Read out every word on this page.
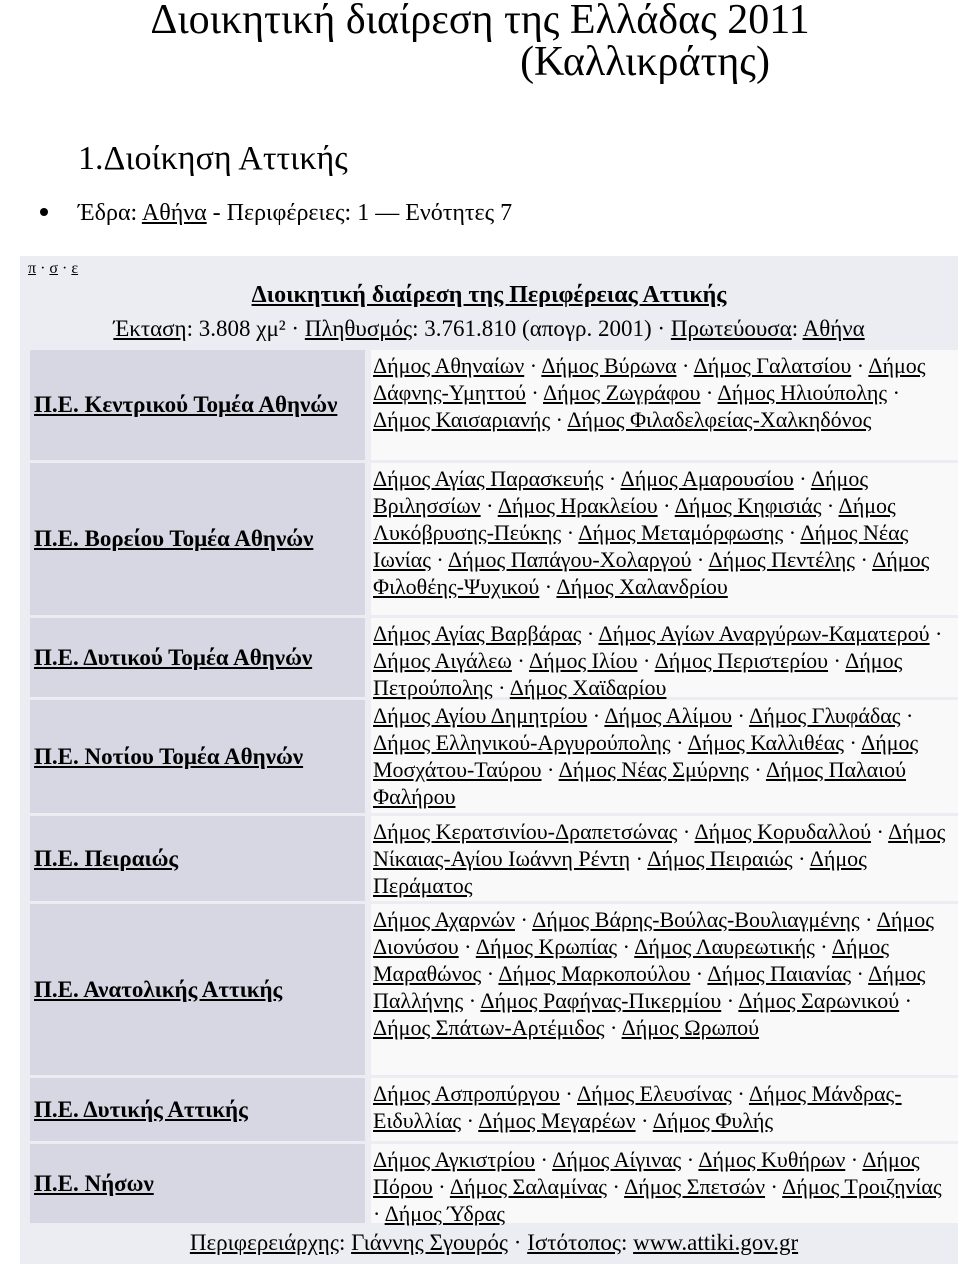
Διοικητική διαίρεση της Ελλάδας 2011
(Καλλικράτης)
1.Διοίκηση Αττικής
Έδρα: Αθήνα - Περιφέρειες: 1 — Ενότητες 7
π · σ · ε
Διοικητική διαίρεση της Περιφέρειας Αττικής
Έκταση: 3.808 χμ² · Πληθυσμός: 3.761.810 (απογρ. 2001) · Πρωτεύουσα: Αθήνα
Π.Ε. Κεντρικού Τομέα Αθηνών
Δήμος Αθηναίων · Δήμος Βύρωνα · Δήμος Γαλατσίου · Δήμος Δάφνης-Υμηττού · Δήμος Ζωγράφου · Δήμος Ηλιούπολης · Δήμος Καισαριανής · Δήμος Φιλαδελφείας-Χαλκηδόνος
Π.Ε. Βορείου Τομέα Αθηνών
Δήμος Αγίας Παρασκευής · Δήμος Αμαρουσίου · Δήμος Βριλησσίων · Δήμος Ηρακλείου · Δήμος Κηφισιάς · Δήμος Λυκόβρυσης-Πεύκης · Δήμος Μεταμόρφωσης · Δήμος Νέας Ιωνίας · Δήμος Παπάγου-Χολαργού · Δήμος Πεντέλης · Δήμος Φιλοθέης-Ψυχικού · Δήμος Χαλανδρίου
Π.Ε. Δυτικού Τομέα Αθηνών
Δήμος Αγίας Βαρβάρας · Δήμος Αγίων Αναργύρων-Καματερού · Δήμος Αιγάλεω · Δήμος Ιλίου · Δήμος Περιστερίου · Δήμος Πετρούπολης · Δήμος Χαϊδαρίου
Π.Ε. Νοτίου Τομέα Αθηνών
Δήμος Αγίου Δημητρίου · Δήμος Αλίμου · Δήμος Γλυφάδας · Δήμος Ελληνικού-Αργυρούπολης · Δήμος Καλλιθέας · Δήμος Μοσχάτου-Ταύρου · Δήμος Νέας Σμύρνης · Δήμος Παλαιού Φαλήρου
Π.Ε. Πειραιώς
Δήμος Κερατσινίου-Δραπετσώνας · Δήμος Κορυδαλλού · Δήμος Νίκαιας-Αγίου Ιωάννη Ρέντη · Δήμος Πειραιώς · Δήμος Περάματος
Π.Ε. Ανατολικής Αττικής
Δήμος Αχαρνών · Δήμος Βάρης-Βούλας-Βουλιαγμένης · Δήμος Διονύσου · Δήμος Κρωπίας · Δήμος Λαυρεωτικής · Δήμος Μαραθώνος · Δήμος Μαρκοπούλου · Δήμος Παιανίας · Δήμος Παλλήνης · Δήμος Ραφήνας-Πικερμίου · Δήμος Σαρωνικού · Δήμος Σπάτων-Αρτέμιδος · Δήμος Ωρωπού
Π.Ε. Δυτικής Αττικής
Δήμος Ασπροπύργου · Δήμος Ελευσίνας · Δήμος Μάνδρας-Ειδυλλίας · Δήμος Μεγαρέων · Δήμος Φυλής
Π.Ε. Νήσων
Δήμος Αγκιστρίου · Δήμος Αίγινας · Δήμος Κυθήρων · Δήμος Πόρου · Δήμος Σαλαμίνας · Δήμος Σπετσών · Δήμος Τροιζηνίας · Δήμος Ύδρας
Περιφερειάρχης: Γιάννης Σγουρός · Ιστότοπος: www.attiki.gov.gr
